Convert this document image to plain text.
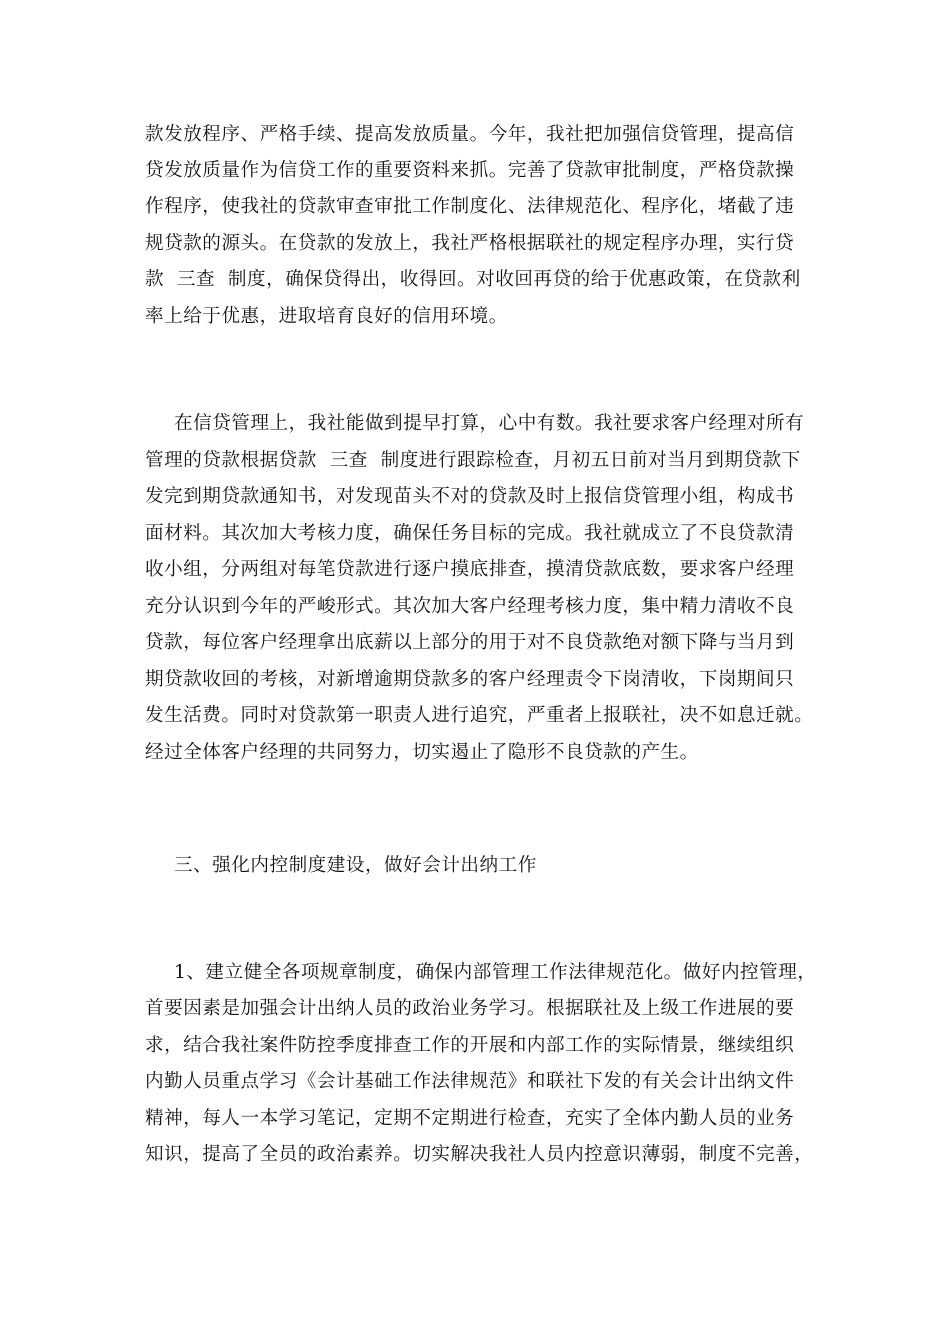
款发放程序、严格手续、提高发放质量。今年，我社把加强信贷管理，提高信

贷发放质量作为信贷工作的重要资料来抓。完善了贷款审批制度，严格贷款操

作程序，使我社的贷款审查审批工作制度化、法律规范化、程序化，堵截了违

规贷款的源头。在贷款的发放上，我社严格根据联社的规定程序办理，实行贷

款  三查  制度，确保贷得出，收得回。对收回再贷的给于优惠政策，在贷款利

率上给于优惠，进取培育良好的信用环境。

在信贷管理上，我社能做到提早打算，心中有数。我社要求客户经理对所有

管理的贷款根据贷款  三查  制度进行跟踪检查，月初五日前对当月到期贷款下

发完到期贷款通知书，对发现苗头不对的贷款及时上报信贷管理小组，构成书

面材料。其次加大考核力度，确保任务目标的完成。我社就成立了不良贷款清

收小组，分两组对每笔贷款进行逐户摸底排查，摸清贷款底数，要求客户经理

充分认识到今年的严峻形式。其次加大客户经理考核力度，集中精力清收不良

贷款，每位客户经理拿出底薪以上部分的用于对不良贷款绝对额下降与当月到

期贷款收回的考核，对新增逾期贷款多的客户经理责令下岗清收，下岗期间只

发生活费。同时对贷款第一职责人进行追究，严重者上报联社，决不如息迁就。

经过全体客户经理的共同努力，切实遏止了隐形不良贷款的产生。

三、强化内控制度建设，做好会计出纳工作

1、建立健全各项规章制度，确保内部管理工作法律规范化。做好内控管理，

首要因素是加强会计出纳人员的政治业务学习。根据联社及上级工作进展的要

求，结合我社案件防控季度排查工作的开展和内部工作的实际情景，继续组织

内勤人员重点学习《会计基础工作法律规范》和联社下发的有关会计出纳文件

精神，每人一本学习笔记，定期不定期进行检查，充实了全体内勤人员的业务

知识，提高了全员的政治素养。切实解决我社人员内控意识薄弱，制度不完善，
